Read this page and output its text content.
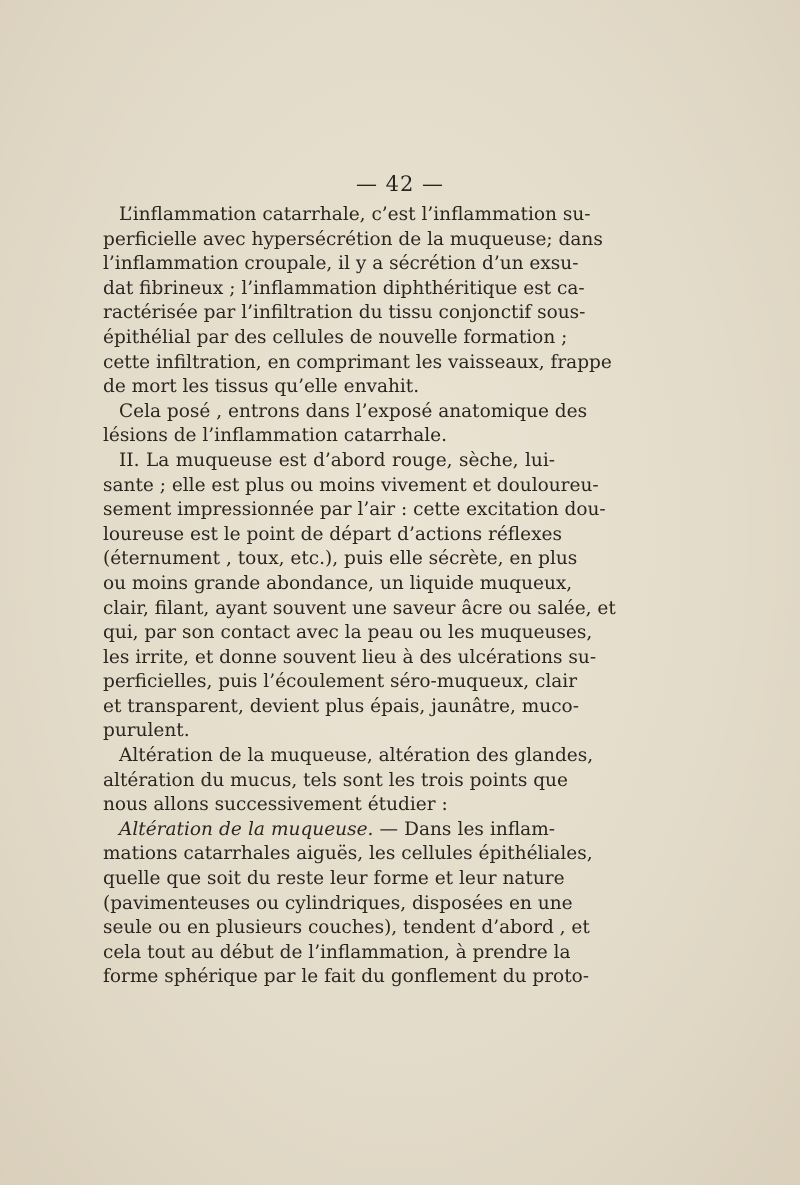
— 42 —
L’inflammation catarrhale, c’est l’inflammation su-
perficielle avec hypersécrétion de la muqueuse; dans
l’inflammation croupale, il y a sécrétion d’un exsu-
dat fibrineux ; l’inflammation diphthéritique est ca-
ractérisée par l’infiltration du tissu conjonctif sous-
épithélial par des cellules de nouvelle formation ;
cette infiltration, en comprimant les vaisseaux, frappe
de mort les tissus qu’elle envahit.
Cela posé , entrons dans l’exposé anatomique des
lésions de l’inflammation catarrhale.
II. La muqueuse est d’abord rouge, sèche, lui-
sante ; elle est plus ou moins vivement et douloureu-
sement impressionnée par l’air : cette excitation dou-
loureuse est le point de départ d’actions réflexes
(éternument , toux, etc.), puis elle sécrète, en plus
ou moins grande abondance, un liquide muqueux,
clair, filant, ayant souvent une saveur âcre ou salée, et
qui, par son contact avec la peau ou les muqueuses,
les irrite, et donne souvent lieu à des ulcérations su-
perficielles, puis l’écoulement séro-muqueux, clair
et transparent, devient plus épais, jaunâtre, muco-
purulent.
Altération de la muqueuse, altération des glandes,
altération du mucus, tels sont les trois points que
nous allons successivement étudier :
Altération de la muqueuse. — Dans les inflam-
mations catarrhales aiguës, les cellules épithéliales,
quelle que soit du reste leur forme et leur nature
(pavimenteuses ou cylindriques, disposées en une
seule ou en plusieurs couches), tendent d’abord , et
cela tout au début de l’inflammation, à prendre la
forme sphérique par le fait du gonflement du proto-
